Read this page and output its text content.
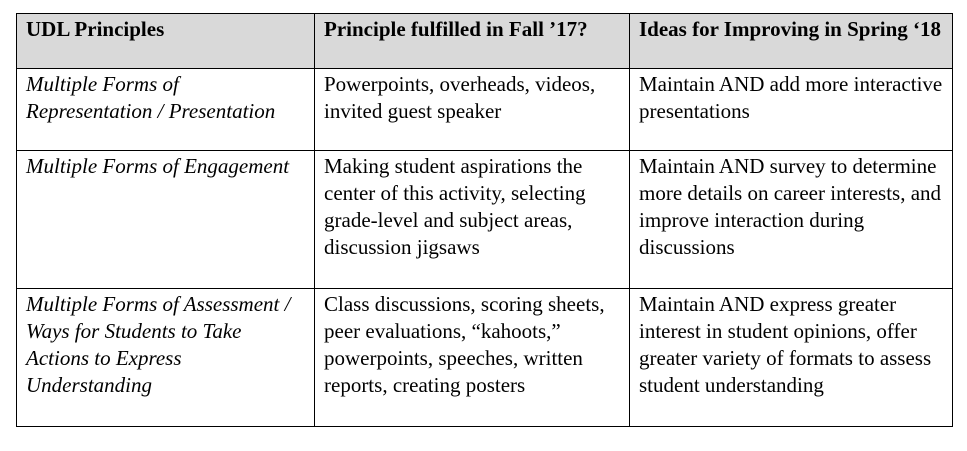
UDL Principles	Principle fulfilled in Fall ’17?	Ideas for Improving in Spring ‘18
Multiple Forms of Representation / Presentation	Powerpoints, overheads, videos, invited guest speaker	Maintain AND add more interactive presentations
Multiple Forms of Engagement	Making student aspirations the center of this activity, selecting grade-level and subject areas, discussion jigsaws	Maintain AND survey to determine more details on career interests, and improve interaction during discussions
Multiple Forms of Assessment / Ways for Students to Take Actions to Express Understanding	Class discussions, scoring sheets, peer evaluations, “kahoots,” powerpoints, speeches, written reports, creating posters	Maintain AND express greater interest in student opinions, offer greater variety of formats to assess student understanding
